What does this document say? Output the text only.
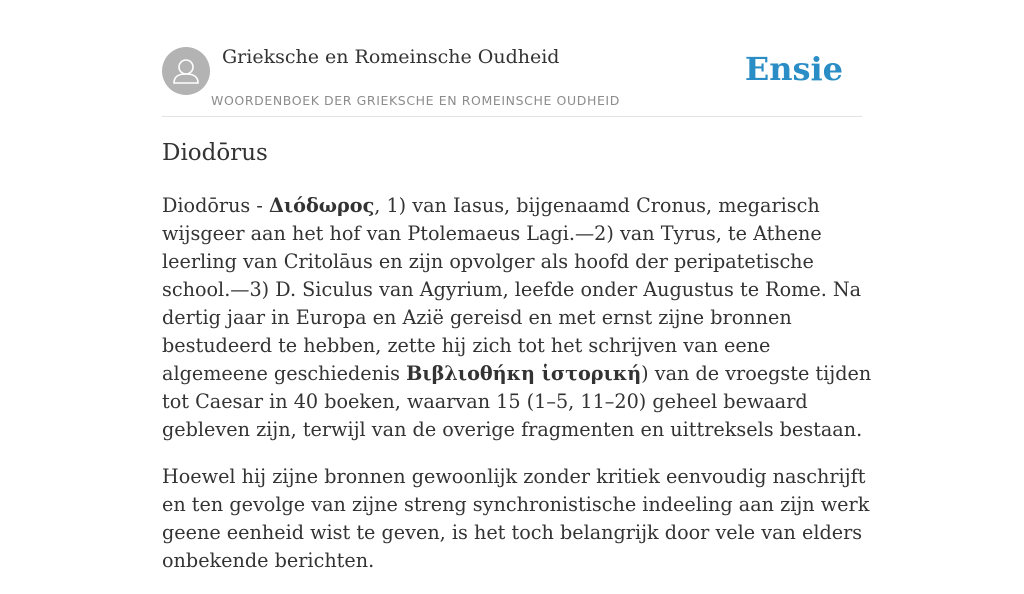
Grieksche en Romeinsche Oudheid
WOORDENBOEK DER GRIEKSCHE EN ROMEINSCHE OUDHEID
Ensie
Diodōrus

Diodōrus - Διόδωρος, 1) van Iasus, bijgenaamd Cronus, megarisch wijsgeer aan het hof van Ptolemaeus Lagi.—2) van Tyrus, te Athene leerling van Critolāus en zijn opvolger als hoofd der peripatetische school.—3) D. Siculus van Agyrium, leefde onder Augustus te Rome. Na dertig jaar in Europa en Azië gereisd en met ernst zijne bronnen bestudeerd te hebben, zette hij zich tot het schrijven van eene algemeene geschiedenis Βιβλιοθήκη ἱστορική) van de vroegste tijden tot Caesar in 40 boeken, waarvan 15 (1–5, 11–20) geheel bewaard gebleven zijn, terwijl van de overige fragmenten en uittreksels bestaan.

Hoewel hij zijne bronnen gewoonlijk zonder kritiek eenvoudig naschrijft en ten gevolge van zijne streng synchronistische indeeling aan zijn werk geene eenheid wist te geven, is het toch belangrijk door vele van elders onbekende berichten.
